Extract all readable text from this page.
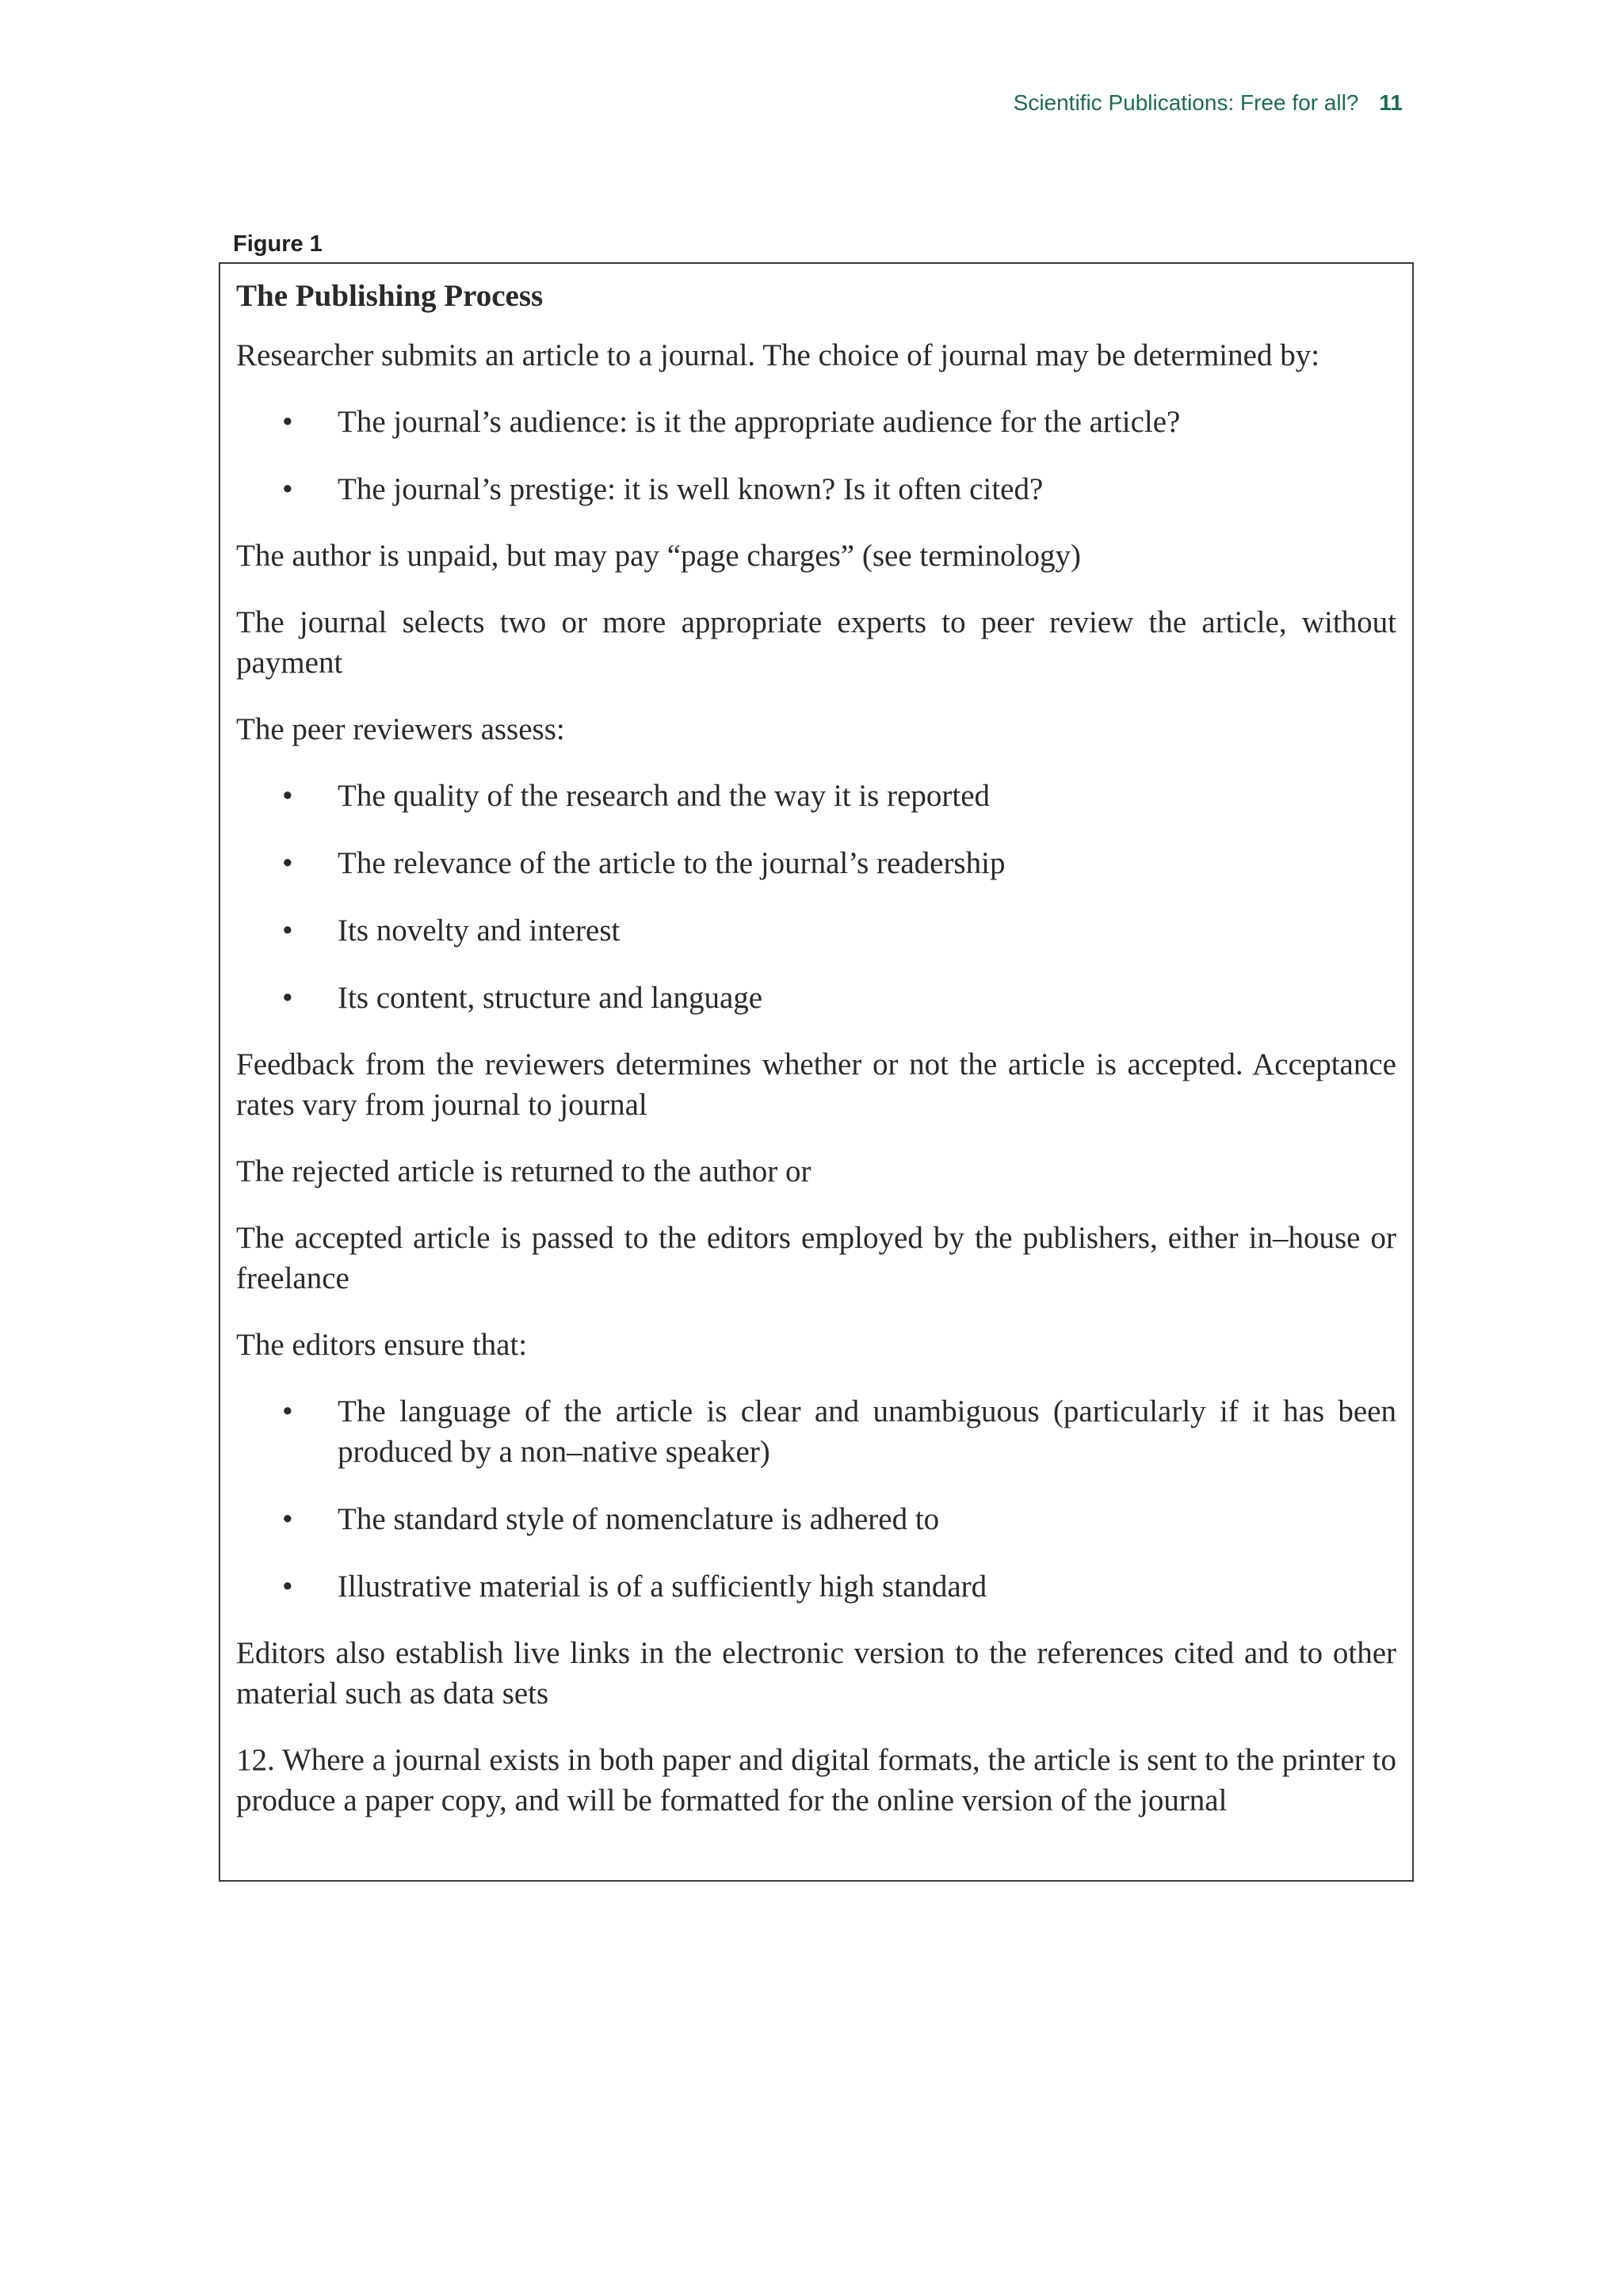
Scientific Publications: Free for all? 11
Figure 1
The Publishing Process

Researcher submits an article to a journal. The choice of journal may be determined by:

• The journal’s audience: is it the appropriate audience for the article?
• The journal’s prestige: it is well known? Is it often cited?

The author is unpaid, but may pay “page charges” (see terminology)

The journal selects two or more appropriate experts to peer review the article, without payment

The peer reviewers assess:

• The quality of the research and the way it is reported
• The relevance of the article to the journal’s readership
• Its novelty and interest
• Its content, structure and language

Feedback from the reviewers determines whether or not the article is accepted. Acceptance rates vary from journal to journal

The rejected article is returned to the author or

The accepted article is passed to the editors employed by the publishers, either in–house or freelance

The editors ensure that:

• The language of the article is clear and unambiguous (particularly if it has been produced by a non–native speaker)
• The standard style of nomenclature is adhered to
• Illustrative material is of a sufficiently high standard

Editors also establish live links in the electronic version to the references cited and to other material such as data sets

12. Where a journal exists in both paper and digital formats, the article is sent to the printer to produce a paper copy, and will be formatted for the online version of the journal
